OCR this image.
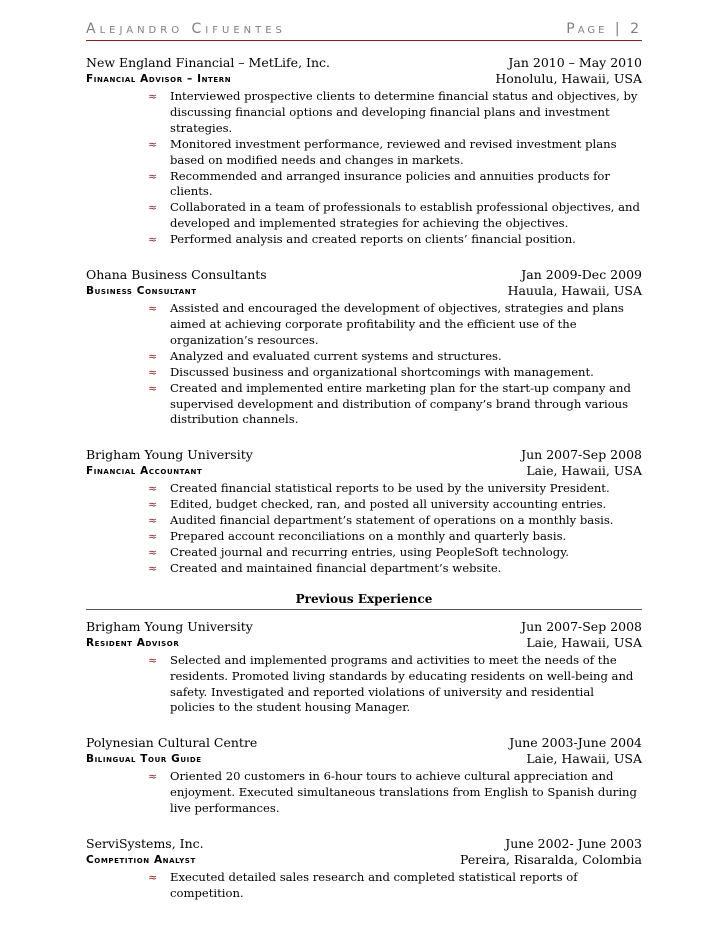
Alejandro Cifuentes	Page | 2
New England Financial – MetLife, Inc.	Jan 2010 – May 2010
Financial Advisor – Intern	Honolulu, Hawaii, USA
≈ Interviewed prospective clients to determine financial status and objectives, by discussing financial options and developing financial plans and investment strategies.
≈ Monitored investment performance, reviewed and revised investment plans based on modified needs and changes in markets.
≈ Recommended and arranged insurance policies and annuities products for clients.
≈ Collaborated in a team of professionals to establish professional objectives, and developed and implemented strategies for achieving the objectives.
≈ Performed analysis and created reports on clients’ financial position.
Ohana Business Consultants	Jan 2009-Dec 2009
Business Consultant	Hauula, Hawaii, USA
≈ Assisted and encouraged the development of objectives, strategies and plans aimed at achieving corporate profitability and the efficient use of the organization’s resources.
≈ Analyzed and evaluated current systems and structures.
≈ Discussed business and organizational shortcomings with management.
≈ Created and implemented entire marketing plan for the start-up company and supervised development and distribution of company’s brand through various distribution channels.
Brigham Young University	Jun 2007-Sep 2008
Financial Accountant	Laie, Hawaii, USA
≈ Created financial statistical reports to be used by the university President.
≈ Edited, budget checked, ran, and posted all university accounting entries.
≈ Audited financial department’s statement of operations on a monthly basis.
≈ Prepared account reconciliations on a monthly and quarterly basis.
≈ Created journal and recurring entries, using PeopleSoft technology.
≈ Created and maintained financial department’s website.
Previous Experience
Brigham Young University	Jun 2007-Sep 2008
Resident Advisor	Laie, Hawaii, USA
≈ Selected and implemented programs and activities to meet the needs of the residents. Promoted living standards by educating residents on well-being and safety. Investigated and reported violations of university and residential policies to the student housing Manager.
Polynesian Cultural Centre	June 2003-June 2004
Bilingual Tour Guide	Laie, Hawaii, USA
≈ Oriented 20 customers in 6-hour tours to achieve cultural appreciation and enjoyment. Executed simultaneous translations from English to Spanish during live performances.
ServiSystems, Inc.	June 2002- June 2003
Competition Analyst	Pereira, Risaralda, Colombia
≈ Executed detailed sales research and completed statistical reports of competition.
